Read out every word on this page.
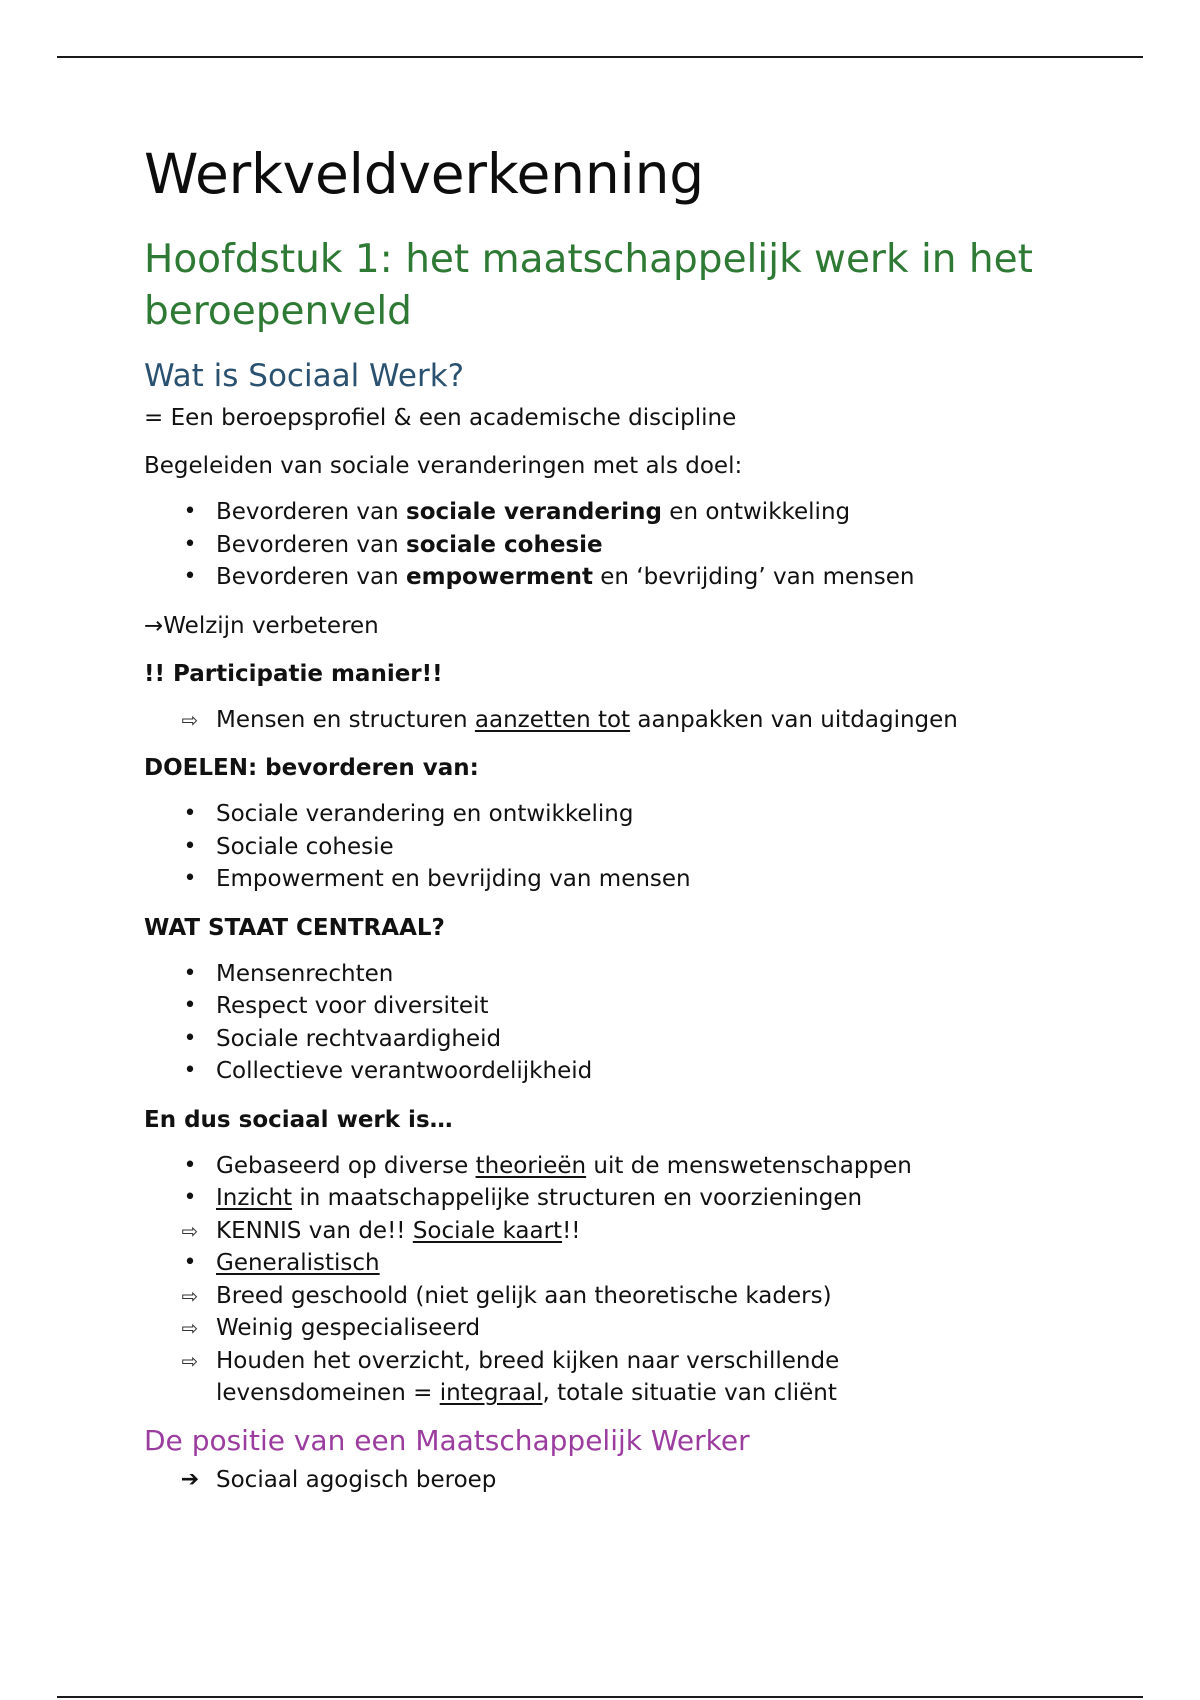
Werkveldverkenning
Hoofdstuk 1: het maatschappelijk werk in het beroepenveld
Wat is Sociaal Werk?

= Een beroepsprofiel & een academische discipline

Begeleiden van sociale veranderingen met als doel:

• Bevorderen van sociale verandering en ontwikkeling
• Bevorderen van sociale cohesie
• Bevorderen van empowerment en ‘bevrijding’ van mensen

→Welzijn verbeteren

!! Participatie manier!!

⇨ Mensen en structuren aanzetten tot aanpakken van uitdagingen

DOELEN: bevorderen van:

• Sociale verandering en ontwikkeling
• Sociale cohesie
• Empowerment en bevrijding van mensen

WAT STAAT CENTRAAL?

• Mensenrechten
• Respect voor diversiteit
• Sociale rechtvaardigheid
• Collectieve verantwoordelijkheid

En dus sociaal werk is…

• Gebaseerd op diverse theorieën uit de menswetenschappen
• Inzicht in maatschappelijke structuren en voorzieningen
⇨ KENNIS van de!! Sociale kaart!!
• Generalistisch
⇨ Breed geschoold (niet gelijk aan theoretische kaders)
⇨ Weinig gespecialiseerd
⇨ Houden het overzicht, breed kijken naar verschillende levensdomeinen = integraal, totale situatie van cliënt
De positie van een Maatschappelijk Werker
➔ Sociaal agogisch beroep
